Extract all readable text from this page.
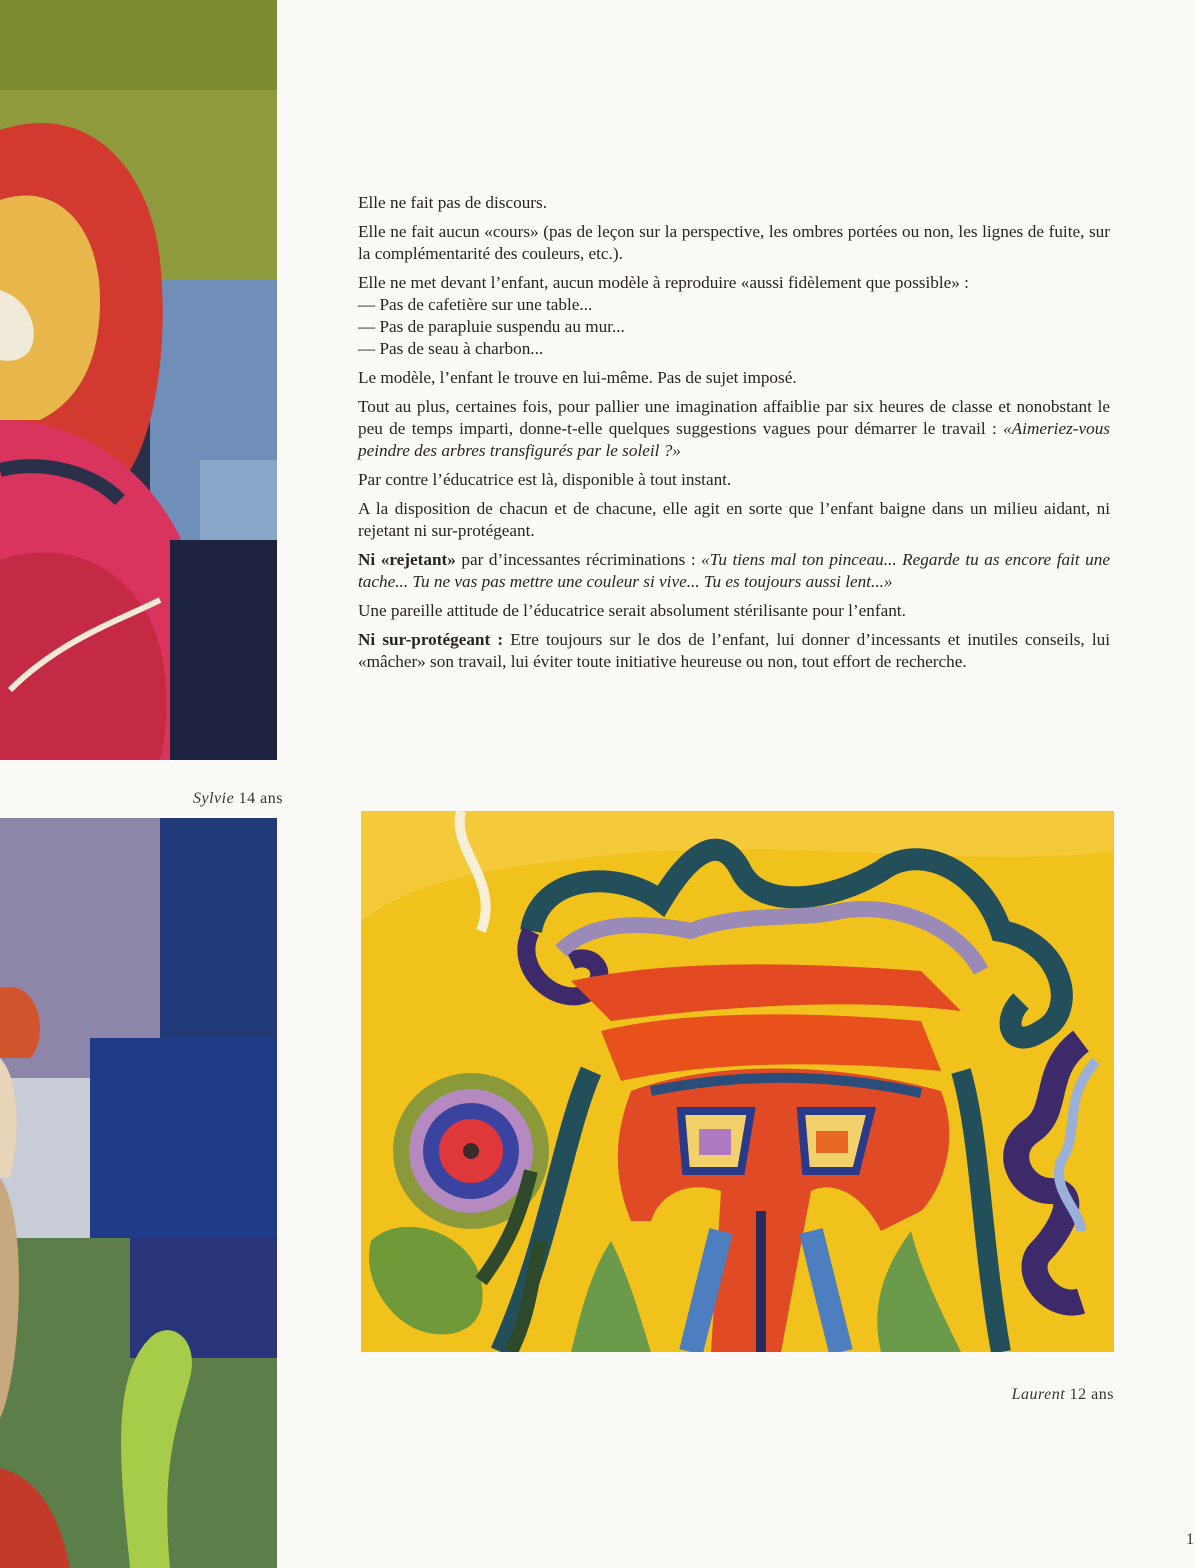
Sylvie 14 ans

Elle ne fait pas de discours.

Elle ne fait aucun «cours» (pas de leçon sur la perspective, les ombres portées ou non, les lignes de fuite, sur la complémentarité des couleurs, etc.).

Elle ne met devant l’enfant, aucun modèle à reproduire «aussi fidèlement que possible» :

— Pas de cafetière sur une table...

— Pas de parapluie suspendu au mur...

— Pas de seau à charbon...

Le modèle, l’enfant le trouve en lui-même. Pas de sujet imposé.

Tout au plus, certaines fois, pour pallier une imagination affaiblie par six heures de classe et nonobstant le peu de temps imparti, donne-t-elle quelques suggestions vagues pour démarrer le travail : «Aimeriez-vous peindre des arbres transfigurés par le soleil ?»

Par contre l’éducatrice est là, disponible à tout instant.

A la disposition de chacun et de chacune, elle agit en sorte que l’enfant baigne dans un milieu aidant, ni rejetant ni sur-protégeant.

Ni «rejetant» par d’incessantes récriminations : «Tu tiens mal ton pinceau... Regarde tu as encore fait une tache... Tu ne vas pas mettre une couleur si vive... Tu es toujours aussi lent...»

Une pareille attitude de l’éducatrice serait absolument stérilisante pour l’enfant.

Ni sur-protégeant : Etre toujours sur le dos de l’enfant, lui donner d’incessants et inutiles conseils, lui «mâcher» son travail, lui éviter toute initiative heureuse ou non, tout effort de recherche.

Laurent 12 ans
1
